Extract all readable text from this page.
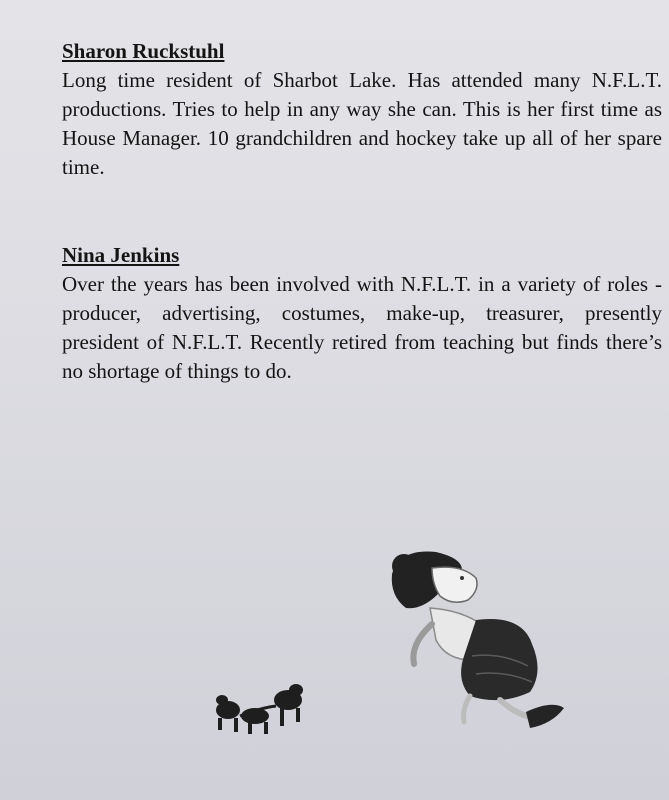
Sharon Ruckstuhl

Long time resident of Sharbot Lake. Has attended many N.F.L.T. productions. Tries to help in any way she can. This is her first time as House Manager. 10 grandchildren and hockey take up all of her spare time.

Nina Jenkins

Over the years has been involved with N.F.L.T. in a variety of roles - producer, advertising, costumes, make-up, treasurer, presently president of N.F.L.T. Recently retired from teaching but finds there’s no shortage of things to do.
